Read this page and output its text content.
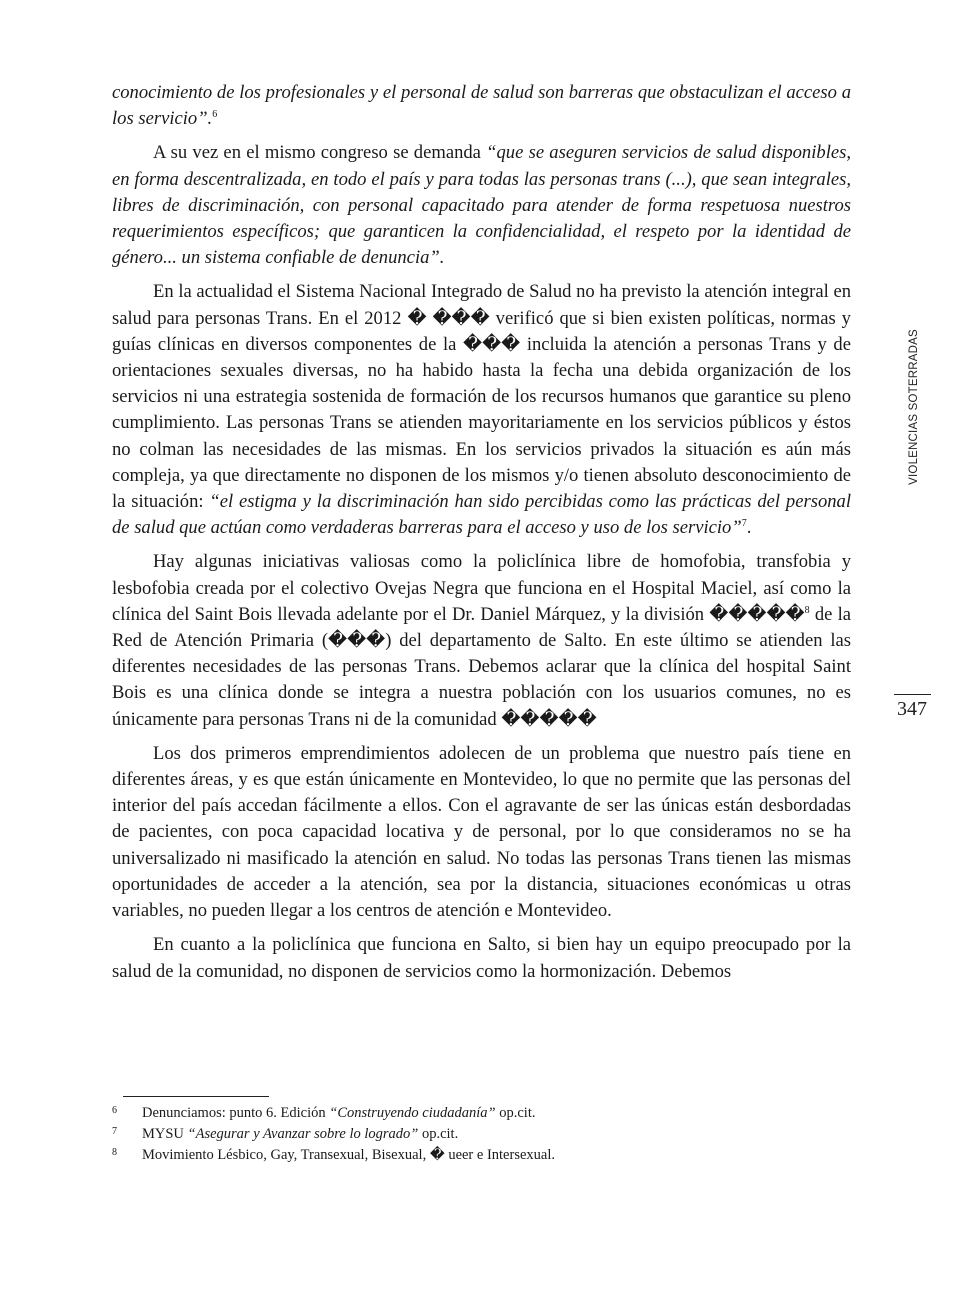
conocimiento de los profesionales y el personal de salud son barreras que obstaculizan el acceso a los servicio”.$^6$

A su vez en el mismo congreso se demanda “que se aseguren servicios de salud disponibles, en forma descentralizada, en todo el país y para todas las personas trans (...), que sean integrales, libres de discriminación, con personal capacitado para atender de forma respetuosa nuestros requerimientos específicos; que garanticen la confidencialidad, el respeto por la identidad de género... un sistema confiable de denuncia”.

En la actualidad el Sistema Nacional Integrado de Salud no ha previsto la atención integral en salud para personas Trans. En el 2012 � ��� verificó que si bien existen políticas, normas y guías clínicas en diversos componentes de la ��� incluida la atención a personas Trans y de orientaciones sexuales diversas, no ha habido hasta la fecha una debida organización de los servicios ni una estrategia sostenida de formación de los recursos humanos que garantice su pleno cumplimiento. Las personas Trans se atienden mayoritariamente en los servicios públicos y éstos no colman las necesidades de las mismas. En los servicios privados la situación es aún más compleja, ya que directamente no disponen de los mismos y/o tienen absoluto desconocimiento de la situación: “el estigma y la discriminación han sido percibidas como las prácticas del personal de salud que actúan como verdaderas barreras para el acceso y uso de los servicio”$^7$.

Hay algunas iniciativas valiosas como la policlínica libre de homofobia, transfobia y lesbofobia creada por el colectivo Ovejas Negra que funciona en el Hospital Maciel, así como la clínica del Saint Bois llevada adelante por el Dr. Daniel Márquez, y la división �����$^8$ de la Red de Atención Primaria (���) del departamento de Salto. En este último se atienden las diferentes necesidades de las personas Trans. Debemos aclarar que la clínica del hospital Saint Bois es una clínica donde se integra a nuestra población con los usuarios comunes, no es únicamente para personas Trans ni de la comunidad �����

Los dos primeros emprendimientos adolecen de un problema que nuestro país tiene en diferentes áreas, y es que están únicamente en Montevideo, lo que no permite que las personas del interior del país accedan fácilmente a ellos. Con el agravante de ser las únicas están desbordadas de pacientes, con poca capacidad locativa y de personal, por lo que consideramos no se ha universalizado ni masificado la atención en salud. No todas las personas Trans tienen las mismas oportunidades de acceder a la atención, sea por la distancia, situaciones económicas u otras variables, no pueden llegar a los centros de atención e Montevideo.

En cuanto a la policlínica que funciona en Salto, si bien hay un equipo preocupado por la salud de la comunidad, no disponen de servicios como la hormonización. Debemos

VIOLENCIAS SOTERRADAS
347
6	Denunciamos: punto 6. Edición “Construyendo ciudadanía” op.cit.
7	MYSU “Asegurar y Avanzar sobre lo logrado” op.cit.
8	Movimiento Lésbico, Gay, Transexual, Bisexual, � ueer e Intersexual.
